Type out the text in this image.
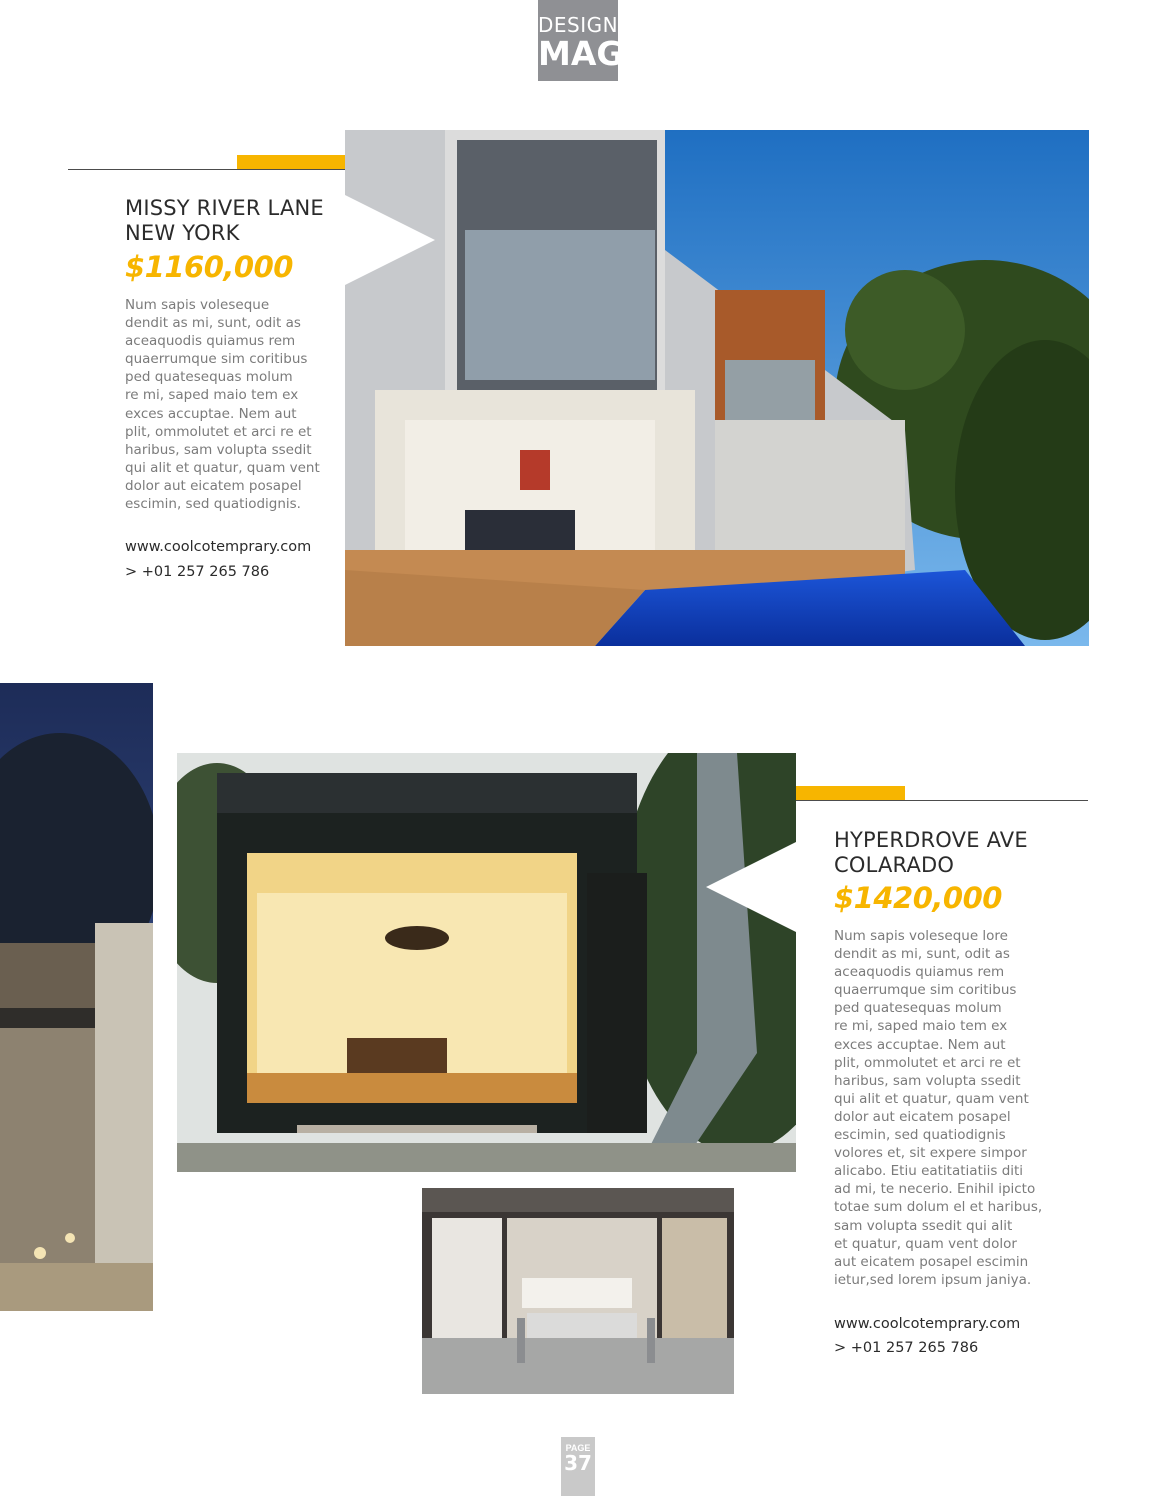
DESIGN
MAG
MISSY RIVER LANE
NEW YORK
$1160,000
Num sapis voleseque
dendit as mi, sunt, odit as
aceaquodis quiamus rem
quaerrumque sim coritibus
ped quatesequas molum
re mi, saped maio tem ex
exces accuptae. Nem aut
plit, ommolutet et arci re et
haribus, sam volupta ssedit
qui alit et quatur, quam vent
dolor aut eicatem posapel
escimin, sed quatiodignis.
www.coolcotemprary.com
> +01 257 265 786
HYPERDROVE AVE
COLARADO
$1420,000
Num sapis voleseque lore
dendit as mi, sunt, odit as
aceaquodis quiamus rem
quaerrumque sim coritibus
ped quatesequas molum
re mi, saped maio tem ex
exces accuptae. Nem aut
plit, ommolutet et arci re et
haribus, sam volupta ssedit
qui alit et quatur, quam vent
dolor aut eicatem posapel
escimin, sed quatiodignis
volores et, sit expere simpor
alicabo. Etiu eatitatiatiis diti
ad mi, te necerio. Enihil ipicto
totae sum dolum el et haribus,
sam volupta ssedit qui alit
et quatur, quam vent dolor
aut eicatem posapel escimin
ietur,sed lorem ipsum janiya.
www.coolcotemprary.com
> +01 257 265 786
PAGE
37
